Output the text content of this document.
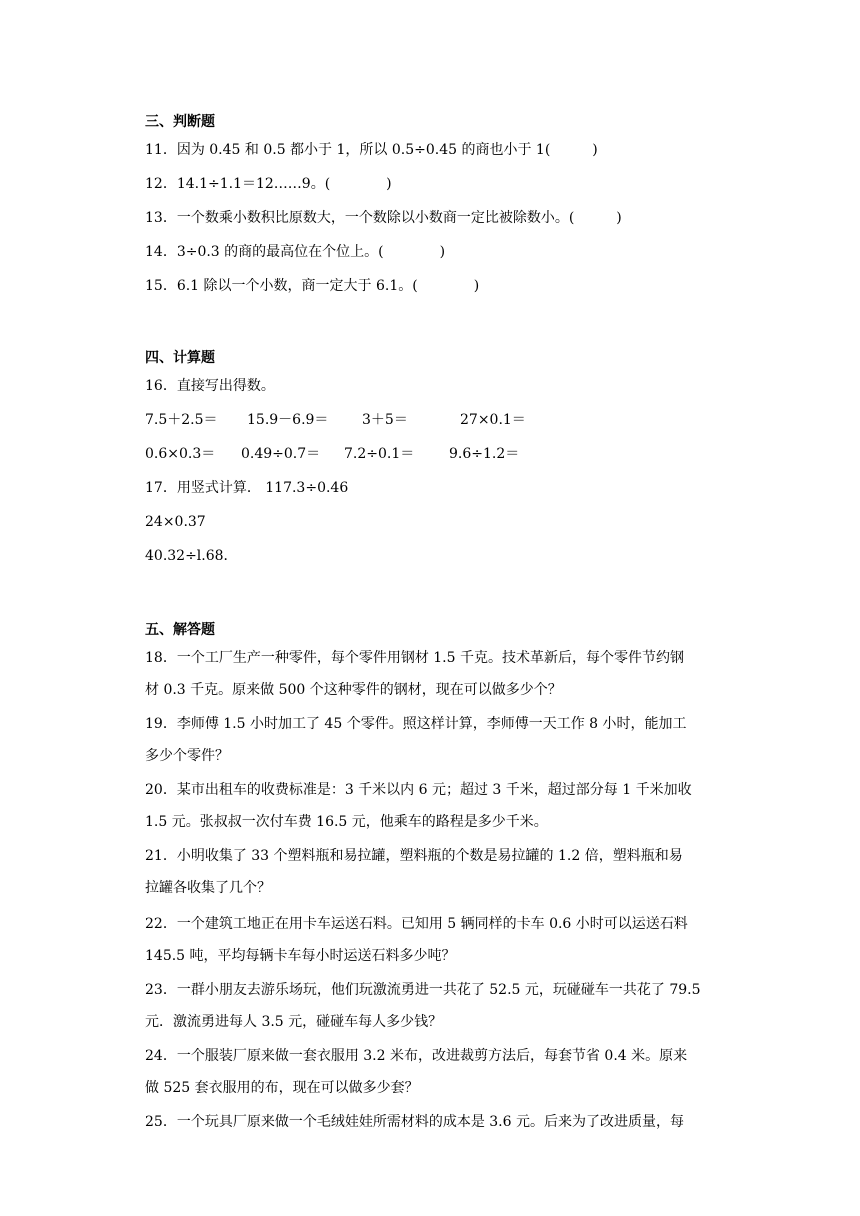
三、判断题
11．因为 0.45 和 0.5 都小于 1，所以 0.5÷0.45 的商也小于 1(　　　)
12．14.1÷1.1＝12……9。(　　　　)
13．一个数乘小数积比原数大，一个数除以小数商一定比被除数小。(　　　)
14．3÷0.3 的商的最高位在个位上。(　　　　)
15．6.1 除以一个小数，商一定大于 6.1。(　　　　)
四、计算题
16．直接写出得数。
7.5＋2.5＝ 15.9－6.9＝ 3＋5＝	27×0.1＝
0.6×0.3＝ 0.49÷0.7＝ 7.2÷0.1＝ 9.6÷1.2＝
17．用竖式计算． 117.3÷0.46
24×0.37
40.32÷l.68．
五、解答题
18．一个工厂生产一种零件，每个零件用钢材 1.5 千克。技术革新后，每个零件节约钢
材 0.3 千克。原来做 500 个这种零件的钢材，现在可以做多少个？
19．李师傅 1.5 小时加工了 45 个零件。照这样计算，李师傅一天工作 8 小时，能加工
多少个零件？
20．某市出租车的收费标准是：3 千米以内 6 元；超过 3 千米，超过部分每 1 千米加收
1.5 元。张叔叔一次付车费 16.5 元，他乘车的路程是多少千米。
21．小明收集了 33 个塑料瓶和易拉罐，塑料瓶的个数是易拉罐的 1.2 倍，塑料瓶和易
拉罐各收集了几个？
22．一个建筑工地正在用卡车运送石料。已知用 5 辆同样的卡车 0.6 小时可以运送石料
145.5 吨，平均每辆卡车每小时运送石料多少吨？
23．一群小朋友去游乐场玩，他们玩激流勇进一共花了 52.5 元，玩碰碰车一共花了 79.5
元．激流勇进每人 3.5 元，碰碰车每人多少钱？
24．一个服装厂原来做一套衣服用 3.2 米布，改进裁剪方法后，每套节省 0.4 米。原来
做 525 套衣服用的布，现在可以做多少套？
25．一个玩具厂原来做一个毛绒娃娃所需材料的成本是 3.6 元。后来为了改进质量，每
